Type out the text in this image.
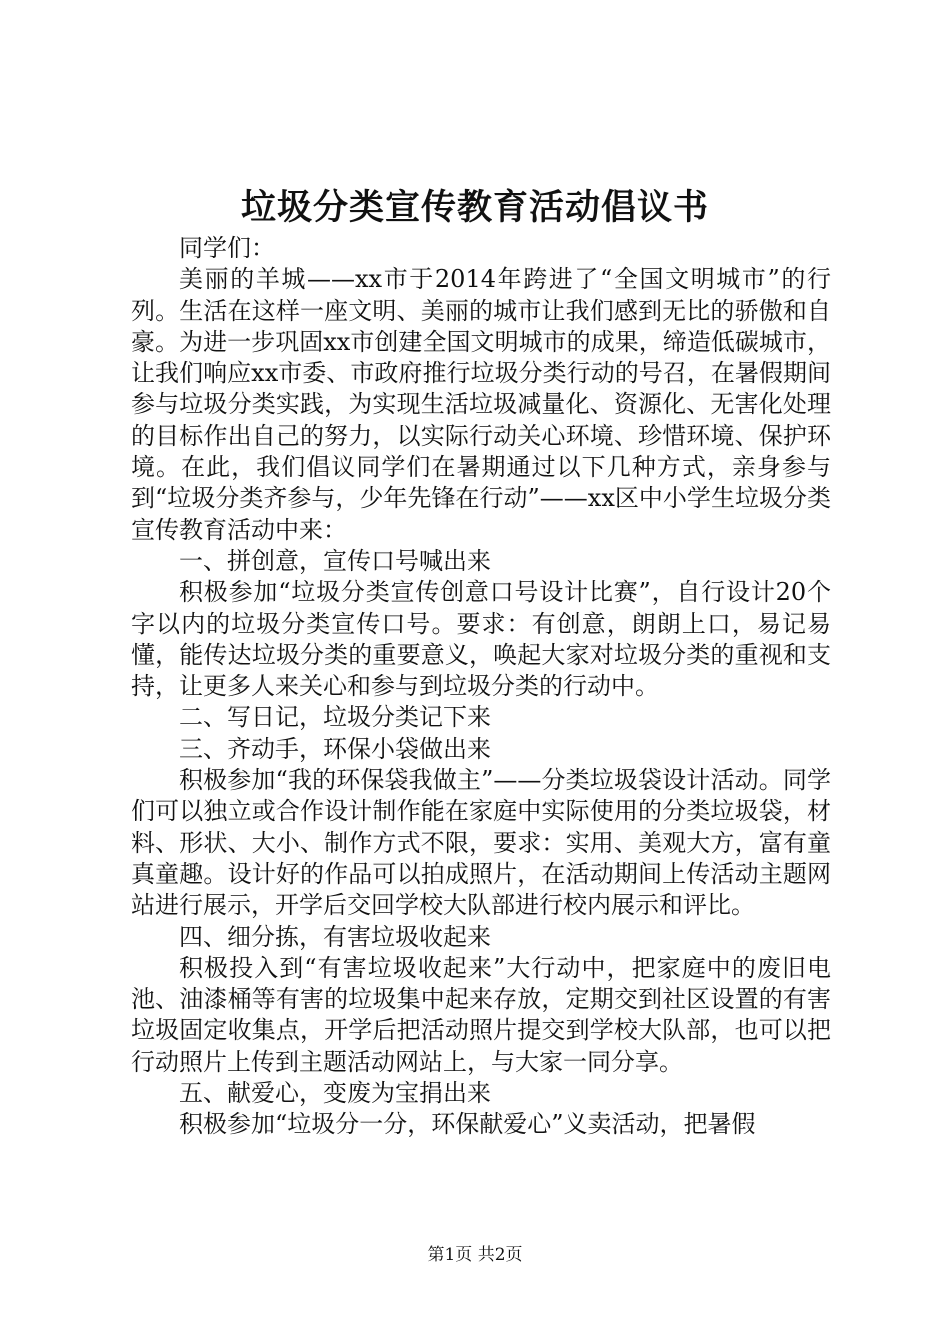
垃圾分类宣传教育活动倡议书

同学们：

美丽的羊城——xx市于2014年跨进了“全国文明城市”的行列。生活在这样一座文明、美丽的城市让我们感到无比的骄傲和自豪。为进一步巩固xx市创建全国文明城市的成果，缔造低碳城市，让我们响应xx市委、市政府推行垃圾分类行动的号召，在暑假期间参与垃圾分类实践，为实现生活垃圾减量化、资源化、无害化处理的目标作出自己的努力，以实际行动关心环境、珍惜环境、保护环境。在此，我们倡议同学们在暑期通过以下几种方式，亲身参与到“垃圾分类齐参与，少年先锋在行动”——xx区中小学生垃圾分类宣传教育活动中来：

一、拼创意，宣传口号喊出来

积极参加“垃圾分类宣传创意口号设计比赛”，自行设计20个字以内的垃圾分类宣传口号。要求：有创意，朗朗上口，易记易懂，能传达垃圾分类的重要意义，唤起大家对垃圾分类的重视和支持，让更多人来关心和参与到垃圾分类的行动中。

二、写日记，垃圾分类记下来

三、齐动手，环保小袋做出来

积极参加“我的环保袋我做主”——分类垃圾袋设计活动。同学们可以独立或合作设计制作能在家庭中实际使用的分类垃圾袋，材料、形状、大小、制作方式不限，要求：实用、美观大方，富有童真童趣。设计好的作品可以拍成照片，在活动期间上传活动主题网站进行展示，开学后交回学校大队部进行校内展示和评比。

四、细分拣，有害垃圾收起来

积极投入到“有害垃圾收起来”大行动中，把家庭中的废旧电池、油漆桶等有害的垃圾集中起来存放，定期交到社区设置的有害垃圾固定收集点，开学后把活动照片提交到学校大队部，也可以把行动照片上传到主题活动网站上，与大家一同分享。

五、献爱心，变废为宝捐出来

积极参加“垃圾分一分，环保献爱心”义卖活动，把暑假

第1页 共2页
